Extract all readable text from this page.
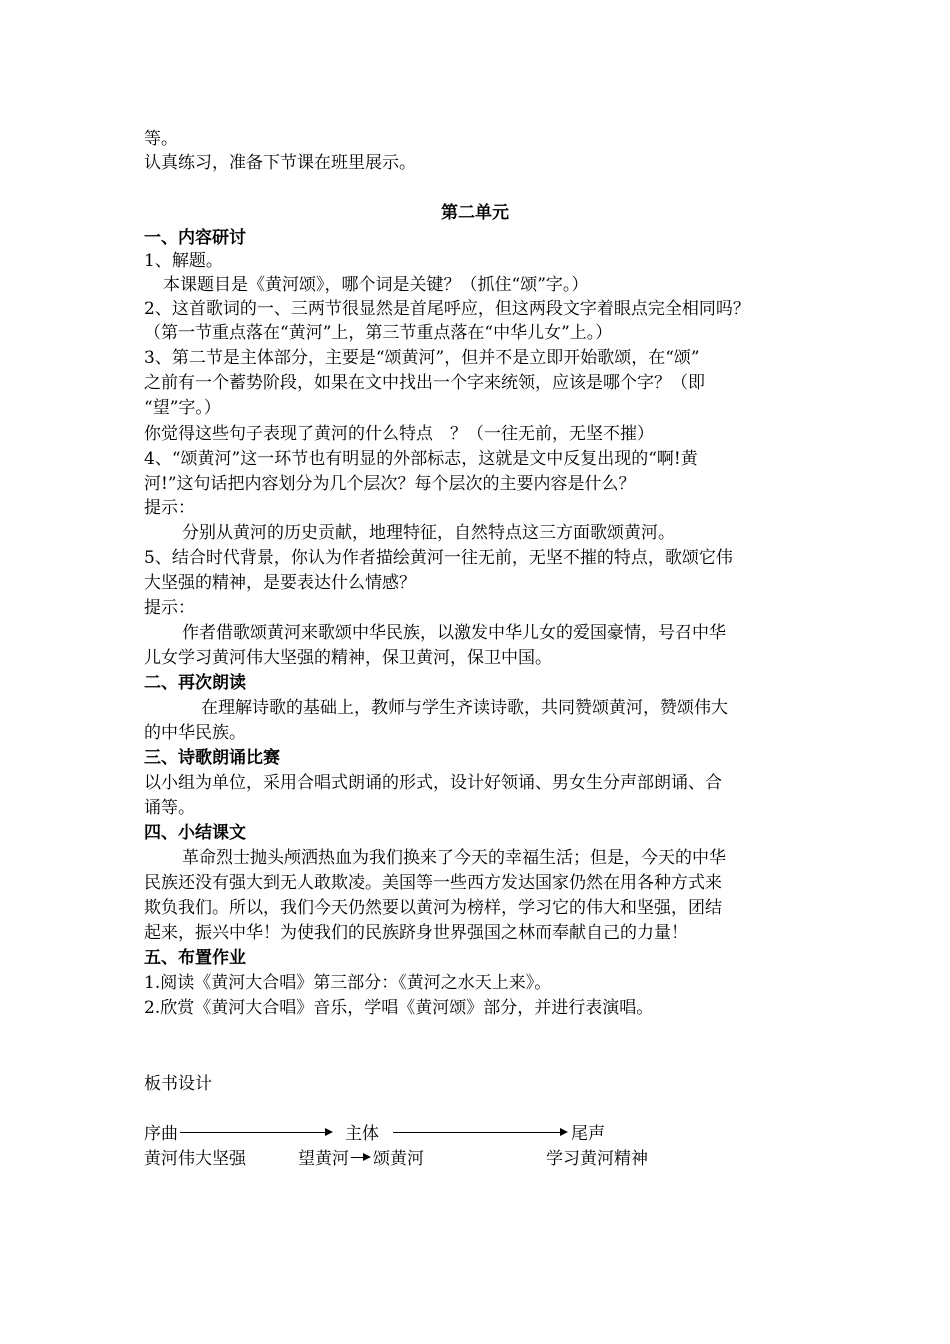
等。
认真练习，准备下节课在班里展示。
第二单元
一、内容研讨
1、解题。
本课题目是《黄河颂》，哪个词是关键？（抓住“颂”字。）
2、这首歌词的一、三两节很显然是首尾呼应，但这两段文字着眼点完全相同吗？
（第一节重点落在“黄河”上，第三节重点落在“中华儿女”上。）
3、第二节是主体部分，主要是“颂黄河”，但并不是立即开始歌颂，在“颂”
之前有一个蓄势阶段，如果在文中找出一个字来统领，应该是哪个字？（即
“望”字。）
你觉得这些句子表现了黄河的什么特点　？（一往无前，无坚不摧）
4、“颂黄河”这一环节也有明显的外部标志，这就是文中反复出现的“啊!黄
河!”这句话把内容划分为几个层次？每个层次的主要内容是什么？
提示：
分别从黄河的历史贡献，地理特征，自然特点这三方面歌颂黄河。
5、结合时代背景，你认为作者描绘黄河一往无前，无坚不摧的特点，歌颂它伟
大坚强的精神，是要表达什么情感？
提示：
作者借歌颂黄河来歌颂中华民族，以激发中华儿女的爱国豪情，号召中华
儿女学习黄河伟大坚强的精神，保卫黄河，保卫中国。
二、再次朗读
在理解诗歌的基础上，教师与学生齐读诗歌，共同赞颂黄河，赞颂伟大
的中华民族。
三、诗歌朗诵比赛
以小组为单位，采用合唱式朗诵的形式，设计好领诵、男女生分声部朗诵、合
诵等。
四、小结课文
革命烈士抛头颅洒热血为我们换来了今天的幸福生活；但是，今天的中华
民族还没有强大到无人敢欺凌。美国等一些西方发达国家仍然在用各种方式来
欺负我们。所以，我们今天仍然要以黄河为榜样，学习它的伟大和坚强，团结
起来，振兴中华！为使我们的民族跻身世界强国之林而奉献自己的力量！
五、布置作业
1.阅读《黄河大合唱》第三部分：《黄河之水天上来》。
2.欣赏《黄河大合唱》音乐，学唱《黄河颂》部分，并进行表演唱。
板书设计
序曲	主体	尾声
黄河伟大坚强	望黄河 颂黄河	学习黄河精神
